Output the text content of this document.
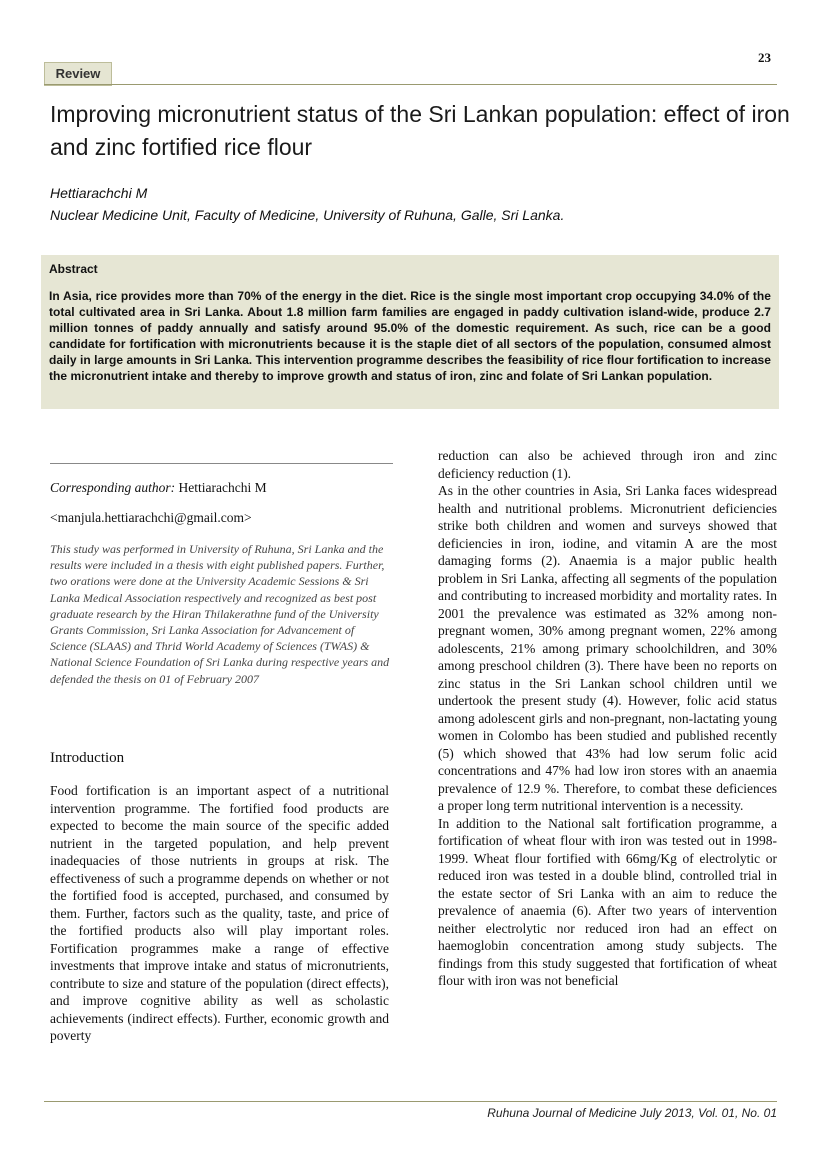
23
Review
Improving micronutrient status of the Sri Lankan population: effect of iron and zinc fortified rice flour
Hettiarachchi M
Nuclear Medicine Unit, Faculty of Medicine, University of Ruhuna, Galle, Sri Lanka.
Abstract
In Asia, rice provides more than 70% of the energy in the diet. Rice is the single most important crop occupying 34.0% of the total cultivated area in Sri Lanka. About 1.8 million farm families are engaged in paddy cultivation island-wide, produce 2.7 million tonnes of paddy annually and satisfy around 95.0% of the domestic requirement. As such, rice can be a good candidate for fortification with micronutrients because it is the staple diet of all sectors of the population, consumed almost daily in large amounts in Sri Lanka. This intervention programme describes the feasibility of rice flour fortification to increase the micronutrient intake and thereby to improve growth and status of iron, zinc and folate of Sri Lankan population.
Corresponding author: Hettiarachchi M
<manjula.hettiarachchi@gmail.com>
This study was performed in University of Ruhuna, Sri Lanka and the results were included in a thesis with eight published papers. Further, two orations were done at the University Academic Sessions & Sri Lanka Medical Association respectively and recognized as best post graduate research by the Hiran Thilakerathne fund of the University Grants Commission, Sri Lanka Association for Advancement of Science (SLAAS) and Thrid World Academy of Sciences (TWAS) & National Science Foundation of Sri Lanka during respective years and defended the thesis on 01 of February 2007
Introduction

Food fortification is an important aspect of a nutritional intervention programme. The fortified food products are expected to become the main source of the specific added nutrient in the targeted population, and help prevent inadequacies of those nutrients in groups at risk. The effectiveness of such a programme depends on whether or not the fortified food is accepted, purchased, and consumed by them. Further, factors such as the quality, taste, and price of the fortified products also will play important roles. Fortification programmes make a range of effective investments that improve intake and status of micronutrients, contribute to size and stature of the population (direct effects), and improve cognitive ability as well as scholastic achievements (indirect effects). Further, economic growth and poverty

reduction can also be achieved through iron and zinc deficiency reduction (1).

As in the other countries in Asia, Sri Lanka faces widespread health and nutritional problems. Micronutrient deficiencies strike both children and women and surveys showed that deficiencies in iron, iodine, and vitamin A are the most damaging forms (2). Anaemia is a major public health problem in Sri Lanka, affecting all segments of the population and contributing to increased morbidity and mortality rates. In 2001 the prevalence was estimated as 32% among non-pregnant women, 30% among pregnant women, 22% among adolescents, 21% among primary schoolchildren, and 30% among preschool children (3). There have been no reports on zinc status in the Sri Lankan school children until we undertook the present study (4). However, folic acid status among adolescent girls and non-pregnant, non-lactating young women in Colombo has been studied and published recently (5) which showed that 43% had low serum folic acid concentrations and 47% had low iron stores with an anaemia prevalence of 12.9 %. Therefore, to combat these deficiences a proper long term nutritional intervention is a necessity.

In addition to the National salt fortification programme, a fortification of wheat flour with iron was tested out in 1998-1999. Wheat flour fortified with 66mg/Kg of electrolytic or reduced iron was tested in a double blind, controlled trial in the estate sector of Sri Lanka with an aim to reduce the prevalence of anaemia (6). After two years of intervention neither electrolytic nor reduced iron had an effect on haemoglobin concentration among study subjects. The findings from this study suggested that fortification of wheat flour with iron was not beneficial

Ruhuna Journal of Medicine July 2013, Vol. 01, No. 01
